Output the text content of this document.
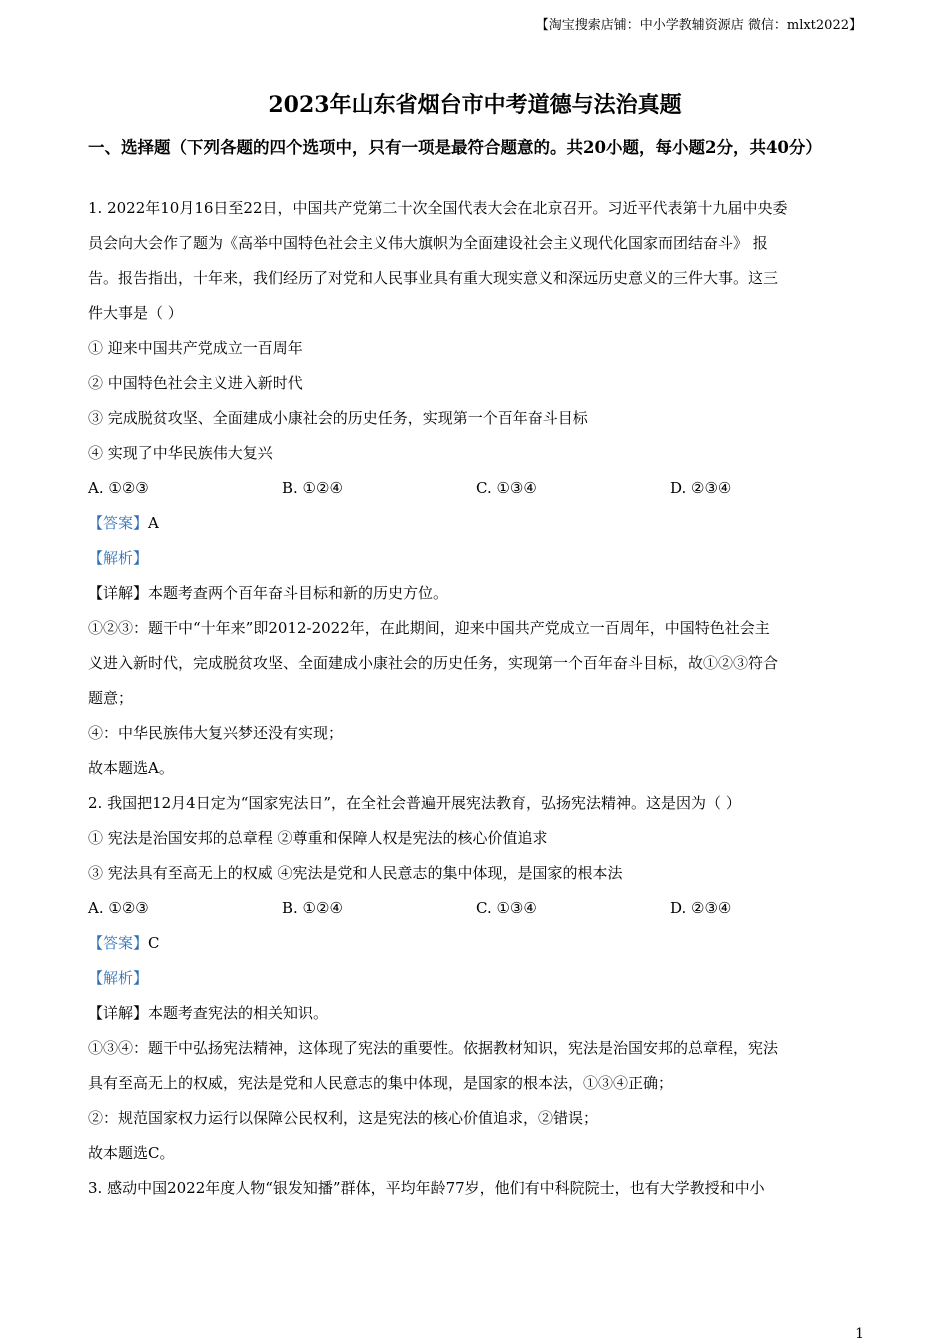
【淘宝搜索店铺：中小学教辅资源店 微信：mlxt2022】
2023年山东省烟台市中考道德与法治真题
一、选择题（下列各题的四个选项中，只有一项是最符合题意的。共20小题，每小题2分，共40分）

1. 2022年10月16日至22日，中国共产党第二十次全国代表大会在北京召开。习近平代表第十九届中央委

员会向大会作了题为《高举中国特色社会主义伟大旗帜为全面建设社会主义现代化国家而团结奋斗》 报

告。报告指出，十年来，我们经历了对党和人民事业具有重大现实意义和深远历史意义的三件大事。这三

件大事是（ ）

① 迎来中国共产党成立一百周年

② 中国特色社会主义进入新时代

③ 完成脱贫攻坚、全面建成小康社会的历史任务，实现第一个百年奋斗目标

④ 实现了中华民族伟大复兴

A. ①②③	B. ①②④	C. ①③④	D. ②③④

【答案】A

【解析】

【详解】本题考查两个百年奋斗目标和新的历史方位。

①②③：题干中“十年来”即2012-2022年，在此期间，迎来中国共产党成立一百周年，中国特色社会主

义进入新时代，完成脱贫攻坚、全面建成小康社会的历史任务，实现第一个百年奋斗目标，故①②③符合

题意；

④：中华民族伟大复兴梦还没有实现；

故本题选A。

2. 我国把12月4日定为“国家宪法日”，在全社会普遍开展宪法教育，弘扬宪法精神。这是因为（ ）

① 宪法是治国安邦的总章程 ②尊重和保障人权是宪法的核心价值追求

③ 宪法具有至高无上的权威 ④宪法是党和人民意志的集中体现，是国家的根本法

A. ①②③	B. ①②④	C. ①③④	D. ②③④

【答案】C

【解析】

【详解】本题考查宪法的相关知识。

①③④：题干中弘扬宪法精神，这体现了宪法的重要性。依据教材知识，宪法是治国安邦的总章程，宪法

具有至高无上的权威，宪法是党和人民意志的集中体现，是国家的根本法，①③④正确；

②：规范国家权力运行以保障公民权利，这是宪法的核心价值追求，②错误；

故本题选C。

3. 感动中国2022年度人物“银发知播”群体，平均年龄77岁，他们有中科院院士，也有大学教授和中小

1
